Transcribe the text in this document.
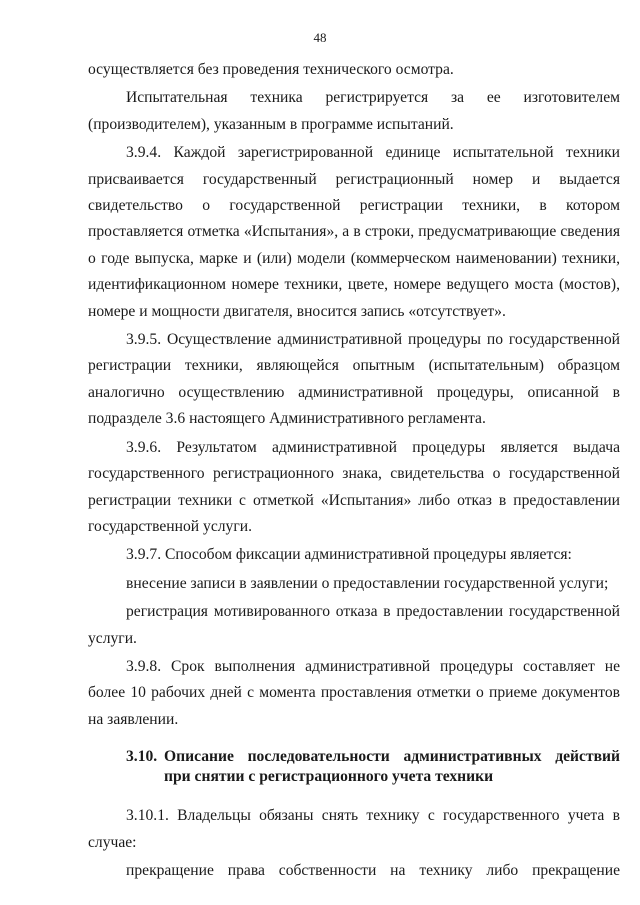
48

осуществляется без проведения технического осмотра.

Испытательная техника регистрируется за ее изготовителем (производителем), указанным в программе испытаний.

3.9.4. Каждой зарегистрированной единице испытательной техники присваивается государственный регистрационный номер и выдается свидетельство о государственной регистрации техники, в котором проставляется отметка «Испытания», а в строки, предусматривающие сведения о годе выпуска, марке и (или) модели (коммерческом наименовании) техники, идентификационном номере техники, цвете, номере ведущего моста (мостов), номере и мощности двигателя, вносится запись «отсутствует».

3.9.5. Осуществление административной процедуры по государственной регистрации техники, являющейся опытным (испытательным) образцом аналогично осуществлению административной процедуры, описанной в подразделе 3.6 настоящего Административного регламента.

3.9.6. Результатом административной процедуры является выдача государственного регистрационного знака, свидетельства о государственной регистрации техники с отметкой «Испытания» либо отказ в предоставлении государственной услуги.

3.9.7. Способом фиксации административной процедуры является:

внесение записи в заявлении о предоставлении государственной услуги;

регистрация мотивированного отказа в предоставлении государственной услуги.

3.9.8. Срок выполнения административной процедуры составляет не более 10 рабочих дней с момента проставления отметки о приеме документов на заявлении.

3.10. Описание последовательности административных действий
при снятии с регистрационного учета техники

3.10.1. Владельцы обязаны снять технику с государственного учета в случае:

прекращение права собственности на технику либо прекращение
